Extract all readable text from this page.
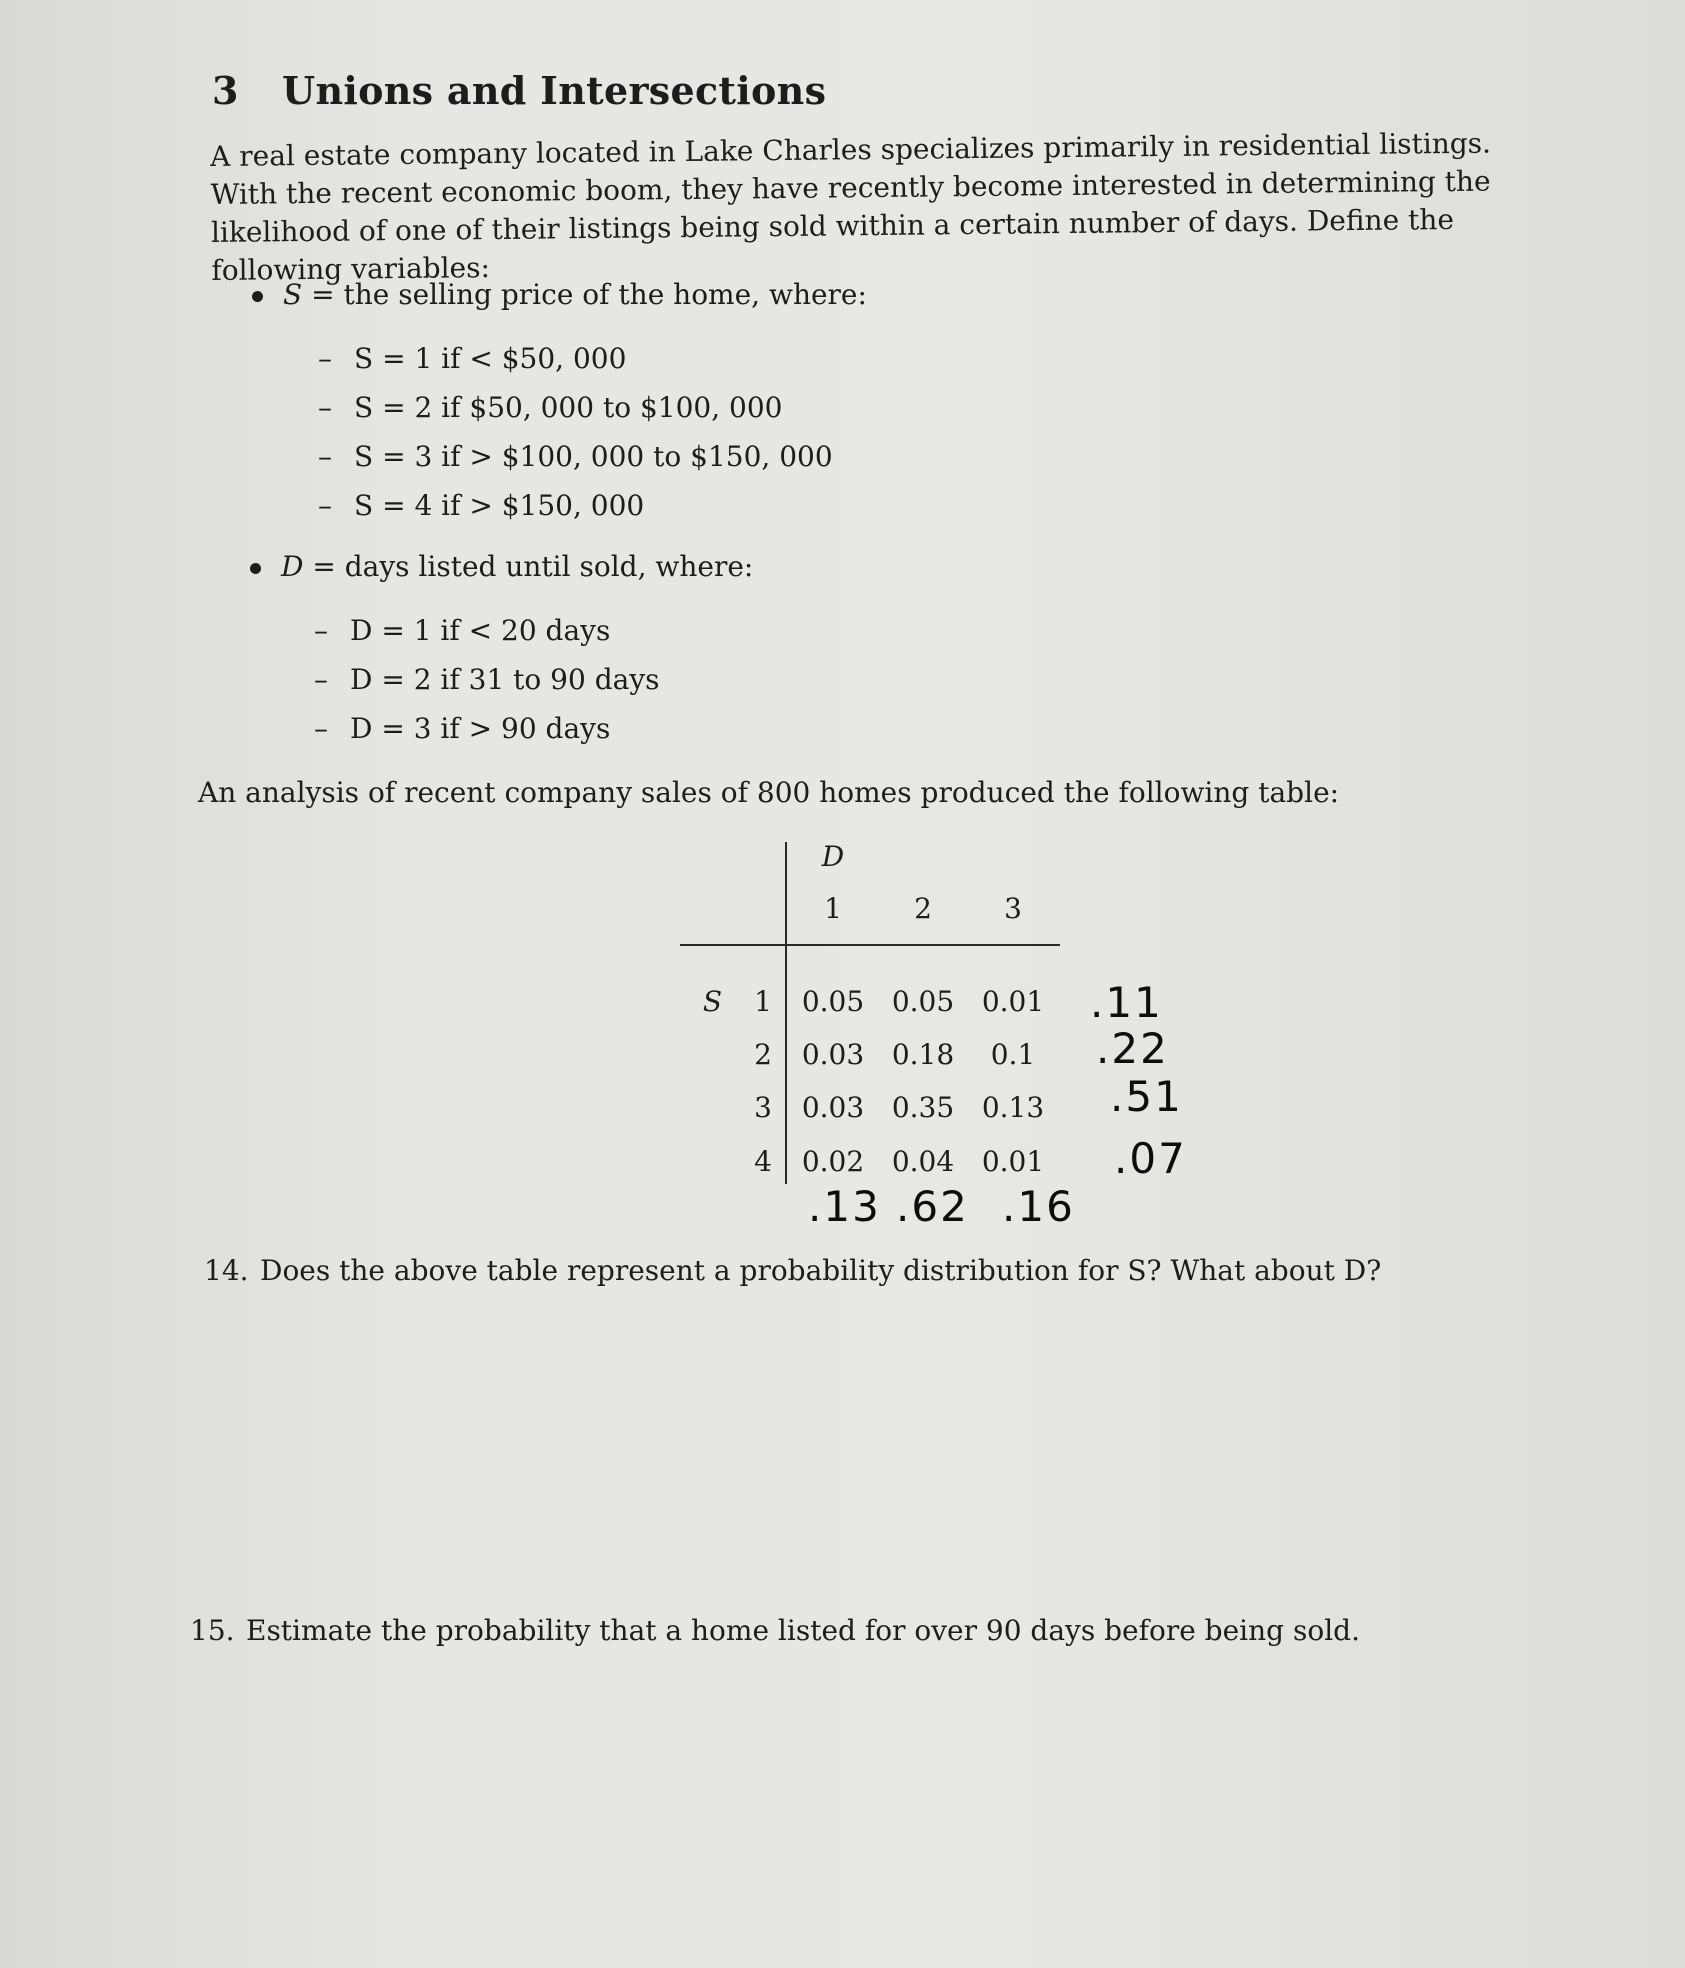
3 Unions and Intersections
A real estate company located in Lake Charles specializes primarily in residential listings. With the recent economic boom, they have recently become interested in determining the likelihood of one of their listings being sold within a certain number of days. Define the following variables:
S = the selling price of the home, where:
– S = 1 if < $50, 000
– S = 2 if $50, 000 to $100, 000
– S = 3 if > $100, 000 to $150, 000
– S = 4 if > $150, 000
D = days listed until sold, where:
– D = 1 if < 20 days
– D = 2 if 31 to 90 days
– D = 3 if > 90 days
An analysis of recent company sales of 800 homes produced the following table:
D
1	2	3
S	1	0.05 0.05 0.01	.11
2	0.03 0.18	0.1	.22
3	0.03 0.35 0.13	.51
4	0.02 0.04 0.01	.07
.13 .62 .16
14. Does the above table represent a probability distribution for S? What about D?
15. Estimate the probability that a home listed for over 90 days before being sold.
